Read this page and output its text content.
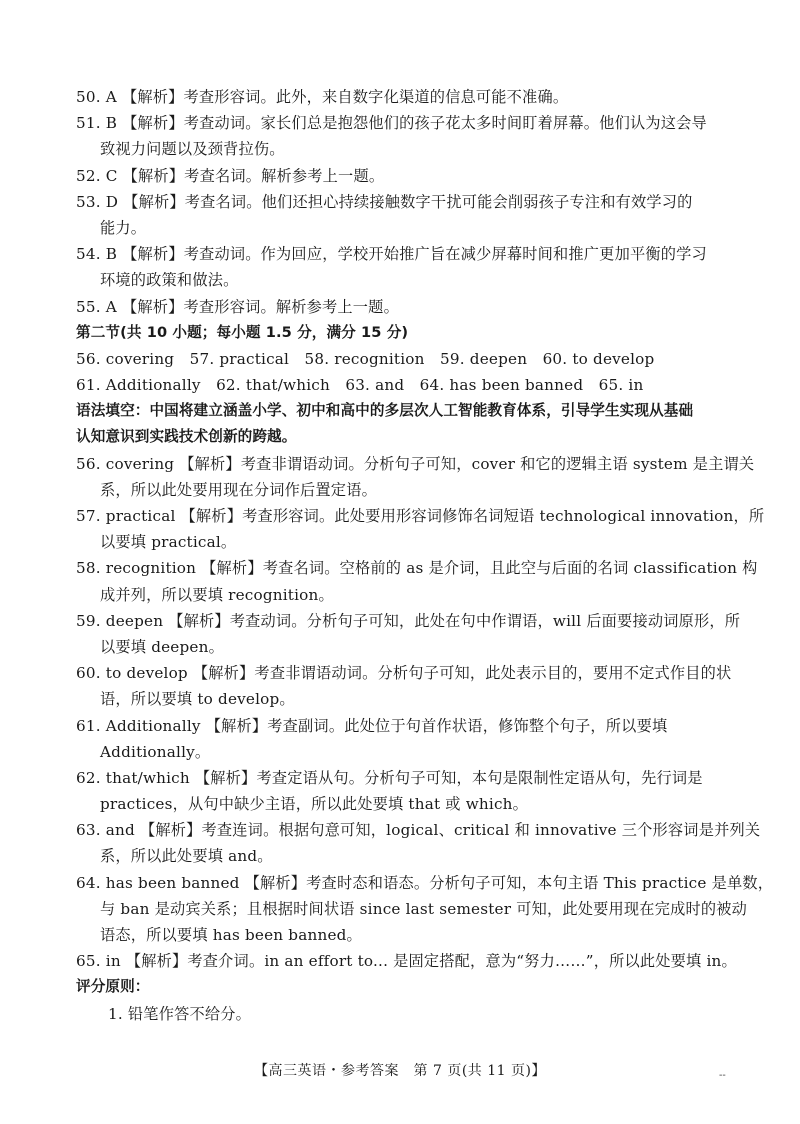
50. A 【解析】考查形容词。此外，来自数字化渠道的信息可能不准确。
51. B 【解析】考查动词。家长们总是抱怨他们的孩子花太多时间盯着屏幕。他们认为这会导
致视力问题以及颈背拉伤。
52. C 【解析】考查名词。解析参考上一题。
53. D 【解析】考查名词。他们还担心持续接触数字干扰可能会削弱孩子专注和有效学习的
能力。
54. B 【解析】考查动词。作为回应，学校开始推广旨在减少屏幕时间和推广更加平衡的学习
环境的政策和做法。
55. A 【解析】考查形容词。解析参考上一题。
第二节(共 10 小题；每小题 1.5 分，满分 15 分)
56. covering　57. practical　58. recognition　59. deepen　60. to develop
61. Additionally　62. that/which　63. and　64. has been banned　65. in
语法填空：中国将建立涵盖小学、初中和高中的多层次人工智能教育体系，引导学生实现从基础
认知意识到实践技术创新的跨越。
56. covering 【解析】考查非谓语动词。分析句子可知，cover 和它的逻辑主语 system 是主谓关
系，所以此处要用现在分词作后置定语。
57. practical 【解析】考查形容词。此处要用形容词修饰名词短语 technological innovation，所
以要填 practical。
58. recognition 【解析】考查名词。空格前的 as 是介词，且此空与后面的名词 classification 构
成并列，所以要填 recognition。
59. deepen 【解析】考查动词。分析句子可知，此处在句中作谓语，will 后面要接动词原形，所
以要填 deepen。
60. to develop 【解析】考查非谓语动词。分析句子可知，此处表示目的，要用不定式作目的状
语，所以要填 to develop。
61. Additionally 【解析】考查副词。此处位于句首作状语，修饰整个句子，所以要填
Additionally。
62. that/which 【解析】考查定语从句。分析句子可知，本句是限制性定语从句，先行词是
practices，从句中缺少主语，所以此处要填 that 或 which。
63. and 【解析】考查连词。根据句意可知，logical、critical 和 innovative 三个形容词是并列关
系，所以此处要填 and。
64. has been banned 【解析】考查时态和语态。分析句子可知，本句主语 This practice 是单数，
与 ban 是动宾关系；且根据时间状语 since last semester 可知，此处要用现在完成时的被动
语态，所以要填 has been banned。
65. in 【解析】考查介词。in an effort to... 是固定搭配，意为“努力……”，所以此处要填 in。
评分原则：
1. 铅笔作答不给分。
【高三英语・参考答案　第 7 页(共 11 页)】	--
